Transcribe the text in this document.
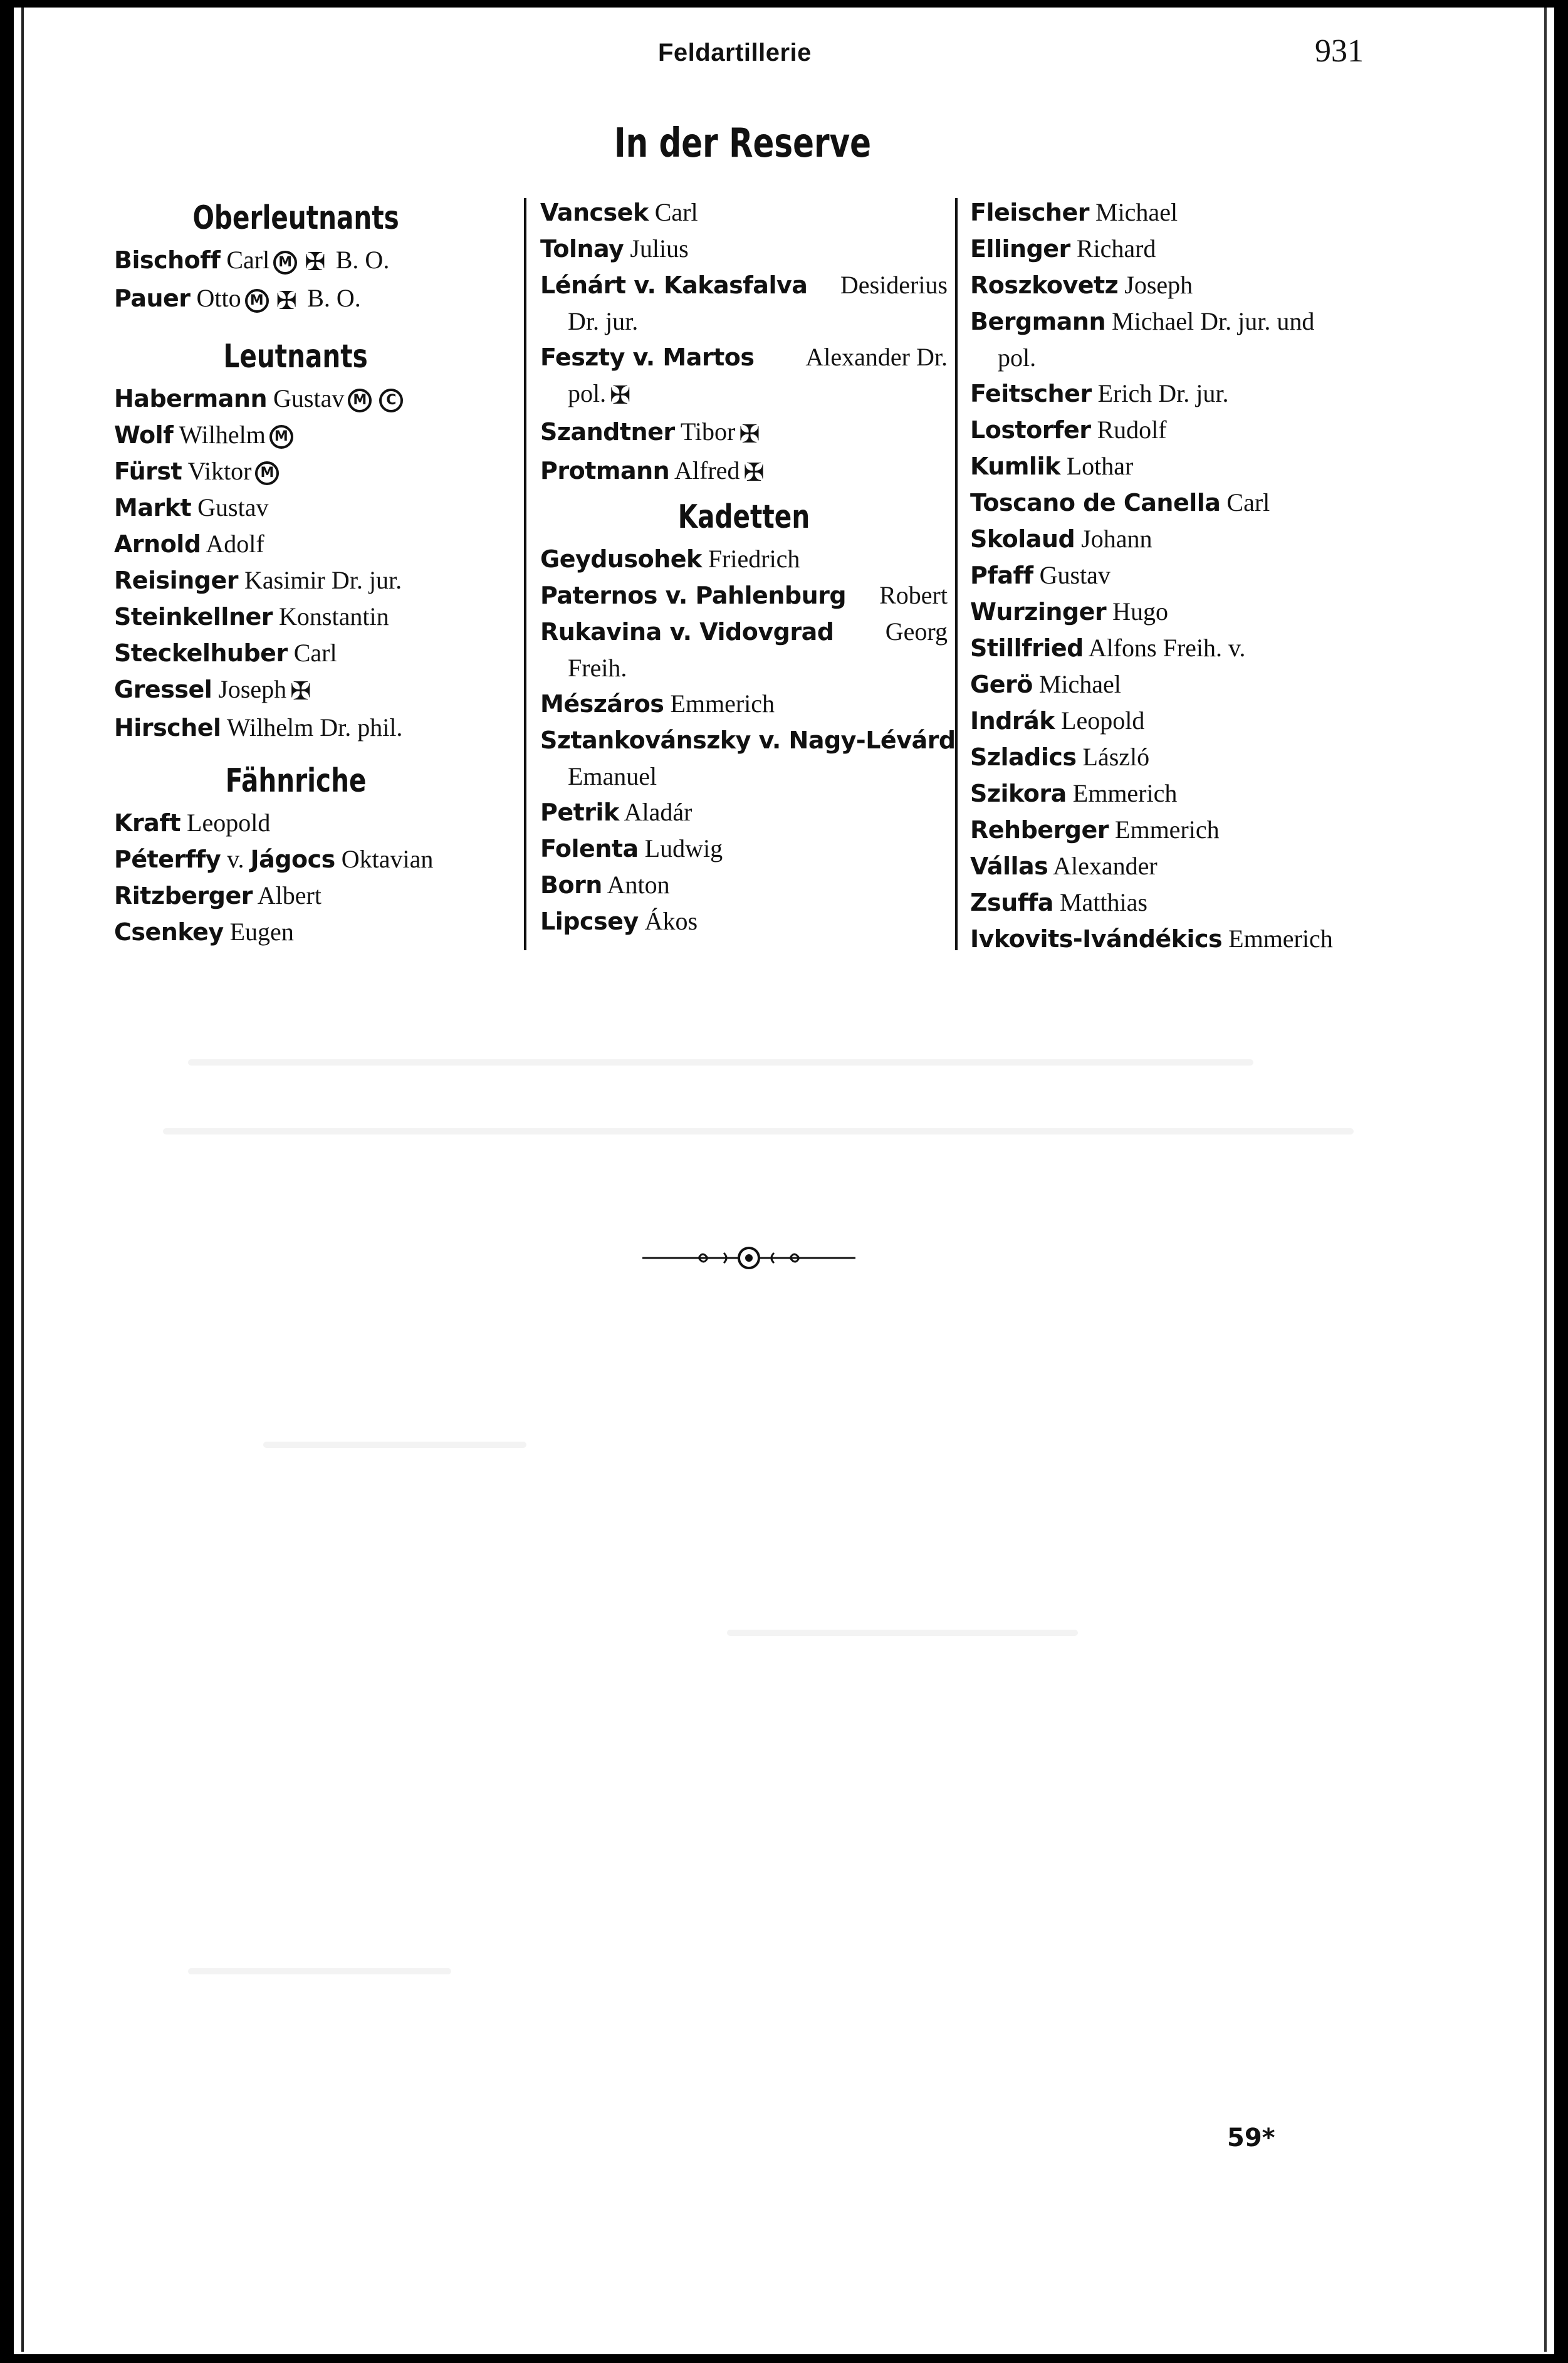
Feldartillerie	931
In der Reserve
Oberleutnants
Bischoff Carl M ✠ B. O.
Pauer Otto M ✠ B. O.
Leutnants
Habermann Gustav M C
Wolf Wilhelm M
Fürst Viktor M
Markt Gustav
Arnold Adolf
Reisinger Kasimir Dr. jur.
Steinkellner Konstantin
Steckelhuber Carl
Gressel Joseph ✠
Hirschel Wilhelm Dr. phil.
Fähnriche
Kraft Leopold
Péterffy v. Jágocs Oktavian
Ritzberger Albert
Csenkey Eugen
Vancsek Carl
Tolnay Julius
Lénárt v. Kakasfalva Desiderius
Dr. jur.
Feszty v. Martos Alexander Dr.
pol. ✠
Szandtner Tibor ✠
Protmann Alfred ✠
Kadetten
Geydusohek Friedrich
Paternos v. Pahlenburg Robert
Rukavina v. Vidovgrad Georg
Freih.
Mészáros Emmerich
Sztankovánszky v. Nagy-Lévárd
Emanuel
Petrik Aladár
Folenta Ludwig
Born Anton
Lipcsey Ákos
Fleischer Michael
Ellinger Richard
Roszkovetz Joseph
Bergmann Michael Dr. jur. und
pol.
Feitscher Erich Dr. jur.
Lostorfer Rudolf
Kumlik Lothar
Toscano de Canella Carl
Skolaud Johann
Pfaff Gustav
Wurzinger Hugo
Stillfried Alfons Freih. v.
Gerö Michael
Indrák Leopold
Szladics László
Szikora Emmerich
Rehberger Emmerich
Vállas Alexander
Zsuffa Matthias
Ivkovits-Ivándékics Emmerich
59*
